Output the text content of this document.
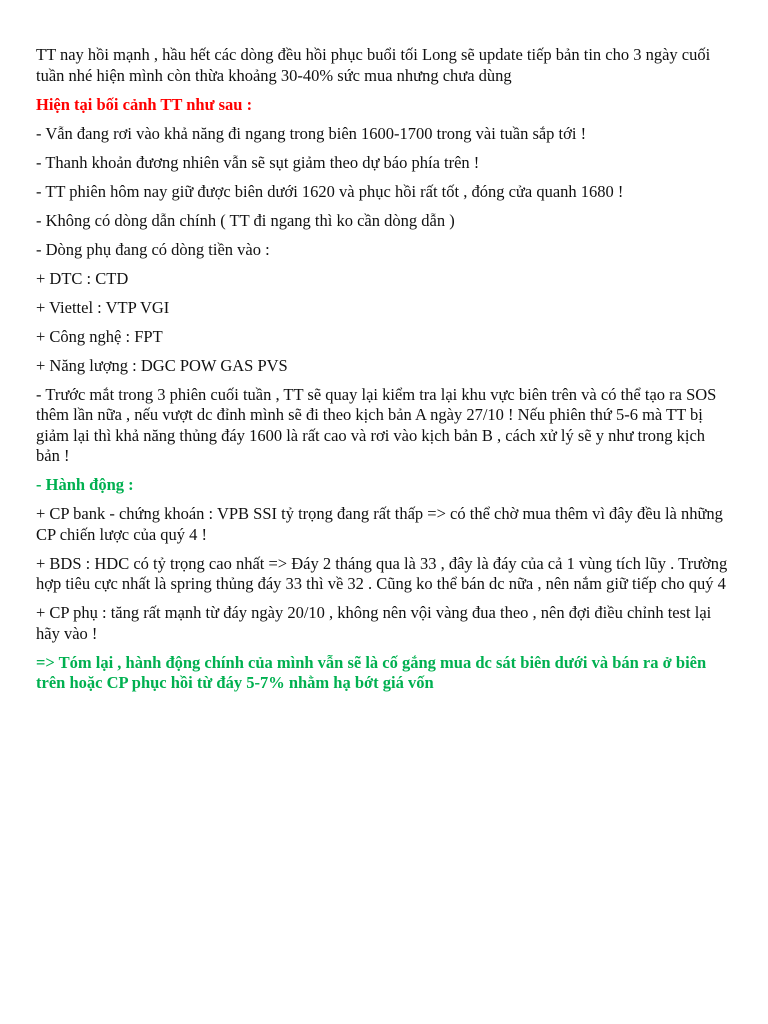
TT nay hồi mạnh , hầu hết các dòng đều hồi phục buổi tối Long sẽ update tiếp bản tin cho 3 ngày cuối tuần nhé hiện mình còn thừa khoảng 30-40% sức mua nhưng chưa dùng

Hiện tại bối cảnh TT như sau :

- Vẫn đang rơi vào khả năng đi ngang trong biên 1600-1700 trong vài tuần sắp tới !

- Thanh khoản đương nhiên vẫn sẽ sụt giảm theo dự báo phía trên !

- TT phiên hôm nay giữ được biên dưới 1620 và phục hồi rất tốt , đóng cửa quanh 1680 !

- Không có dòng dẫn chính ( TT đi ngang thì ko cần dòng dẫn )

- Dòng phụ đang có dòng tiền vào :

+ DTC : CTD

+ Viettel : VTP VGI

+ Công nghệ : FPT

+ Năng lượng : DGC POW GAS PVS

- Trước mắt trong 3 phiên cuối tuần , TT sẽ quay lại kiểm tra lại khu vực biên trên và có thể tạo ra SOS thêm lần nữa , nếu vượt dc đỉnh mình sẽ đi theo kịch bản A ngày 27/10 ! Nếu phiên thứ 5-6 mà TT bị giảm lại thì khả năng thủng đáy 1600 là rất cao và rơi vào kịch bản B , cách xử lý sẽ y như trong kịch bản !

- Hành động :

+ CP bank - chứng khoán : VPB SSI tỷ trọng đang rất thấp => có thể chờ mua thêm vì đây đều là những CP chiến lược của quý 4 !

+ BDS : HDC có tỷ trọng cao nhất => Đáy 2 tháng qua là 33 , đây là đáy của cả 1 vùng tích lũy . Trường hợp tiêu cực nhất là spring thủng đáy 33 thì về 32 . Cũng ko thể bán dc nữa , nên nắm giữ tiếp cho quý 4

+ CP phụ : tăng rất mạnh từ đáy ngày 20/10 , không nên vội vàng đua theo , nên đợi điều chỉnh test lại hãy vào !

=> Tóm lại , hành động chính của mình vẫn sẽ là cố gắng mua dc sát biên dưới và bán ra ở biên trên hoặc CP phục hồi từ đáy 5-7% nhằm hạ bớt giá vốn
